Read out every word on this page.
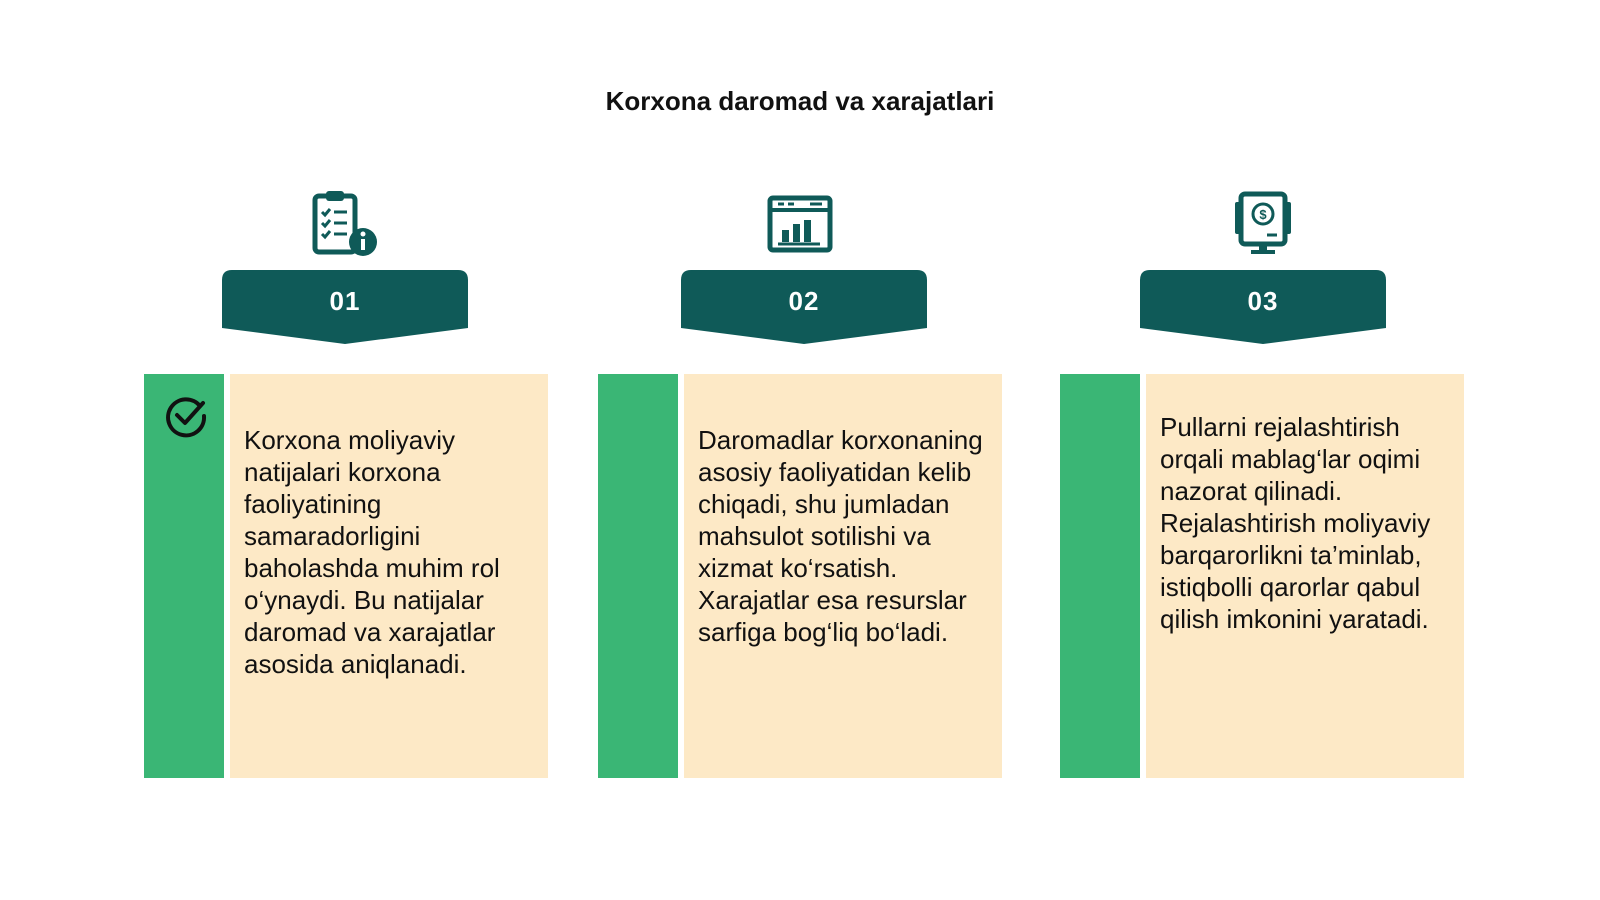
Korxona daromad va xarajatlari
01
Korxona moliyaviy natijalari korxona faoliyatining samaradorligini baholashda muhim rol o‘ynaydi. Bu natijalar daromad va xarajatlar asosida aniqlanadi.
02
Daromadlar korxonaning asosiy faoliyatidan kelib chiqadi, shu jumladan mahsulot sotilishi va xizmat ko‘rsatish. Xarajatlar esa resurslar sarfiga bog‘liq bo‘ladi.
$
03
Pullarni rejalashtirish orqali mablag‘lar oqimi nazorat qilinadi. Rejalashtirish moliyaviy barqarorlikni ta’minlab, istiqbolli qarorlar qabul qilish imkonini yaratadi.
